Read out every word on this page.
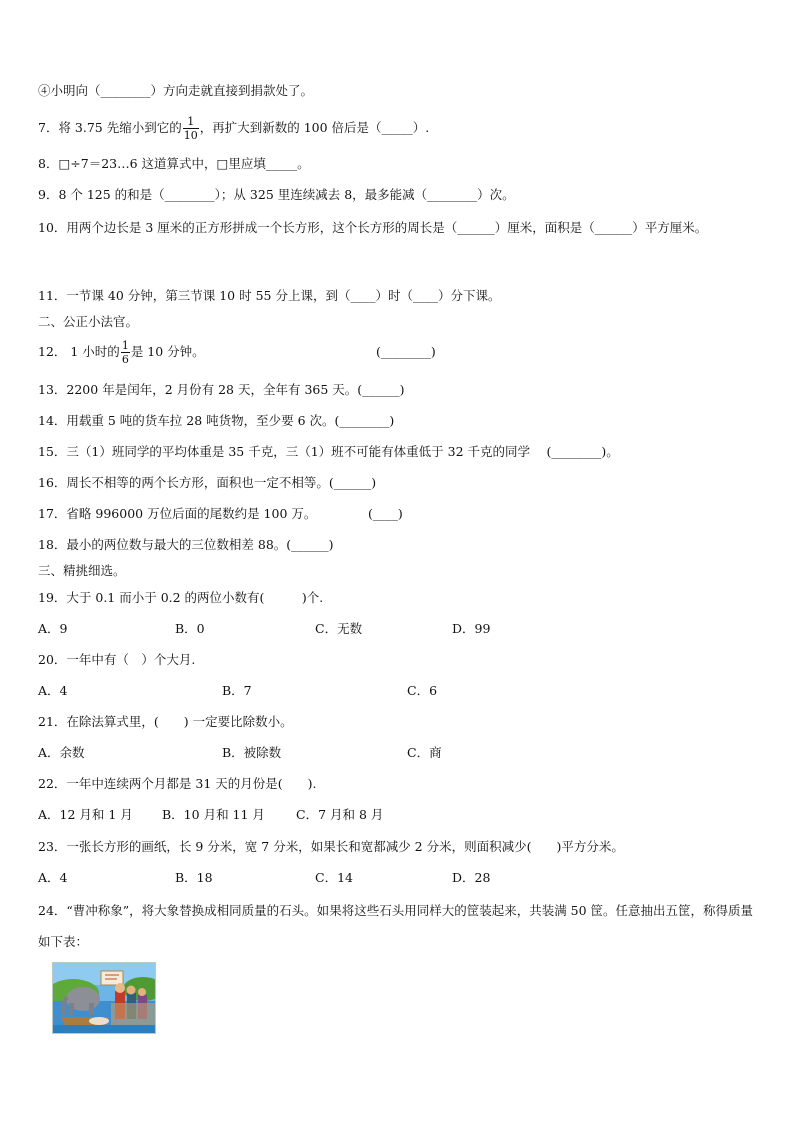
④小明向（________）方向走就直接到捐款处了。
7．将 3.75 先缩小到它的 $\frac{1}{10}$ ，再扩大到新数的 100 倍后是（_____）.
8．□÷7＝23…6 这道算式中，□里应填_____。
9．8 个 125 的和是（________）；从 325 里连续减去 8，最多能减（________）次。
10．用两个边长是 3 厘米的正方形拼成一个长方形，这个长方形的周长是（______）厘米，面积是（______）平方厘米。
11．一节课 40 分钟，第三节课 10 时 55 分上课，到（____）时（____）分下课。
二、公正小法官。
12． 1 小时的 $\frac{1}{6}$ 是 10 分钟。	(________)
13．2200 年是闰年，2 月份有 28 天，全年有 365 天。(______)
14．用载重 5 吨的货车拉 28 吨货物，至少要 6 次。(________)
15．三（1）班同学的平均体重是 35 千克，三（1）班不可能有体重低于 32 千克的同学 　(________)。
16．周长不相等的两个长方形，面积也一定不相等。(______)
17．省略 996000 万位后面的尾数约是 100 万。	(____)
18．最小的两位数与最大的三位数相差 88。(______)
三、精挑细选。
19．大于 0.1 而小于 0.2 的两位小数有(　　　)个.
A．9	B．0	C．无数	D．99
20．一年中有（　）个大月.
A．4	B．7	C．6
21．在除法算式里，(　　) 一定要比除数小。
A．余数	B．被除数	C．商
22．一年中连续两个月都是 31 天的月份是(　　).
A．12 月和 1 月 B．10 月和 11 月 C．7 月和 8 月
23．一张长方形的画纸，长 9 分米，宽 7 分米，如果长和宽都减少 2 分米，则面积减少(　　)平方分米。
A．4	B．18	C．14	D．28
24．“曹冲称象”，将大象替换成相同质量的石头。如果将这些石头用同样大的筐装起来，共装满 50 筐。任意抽出五筐，称得质量如下表：
